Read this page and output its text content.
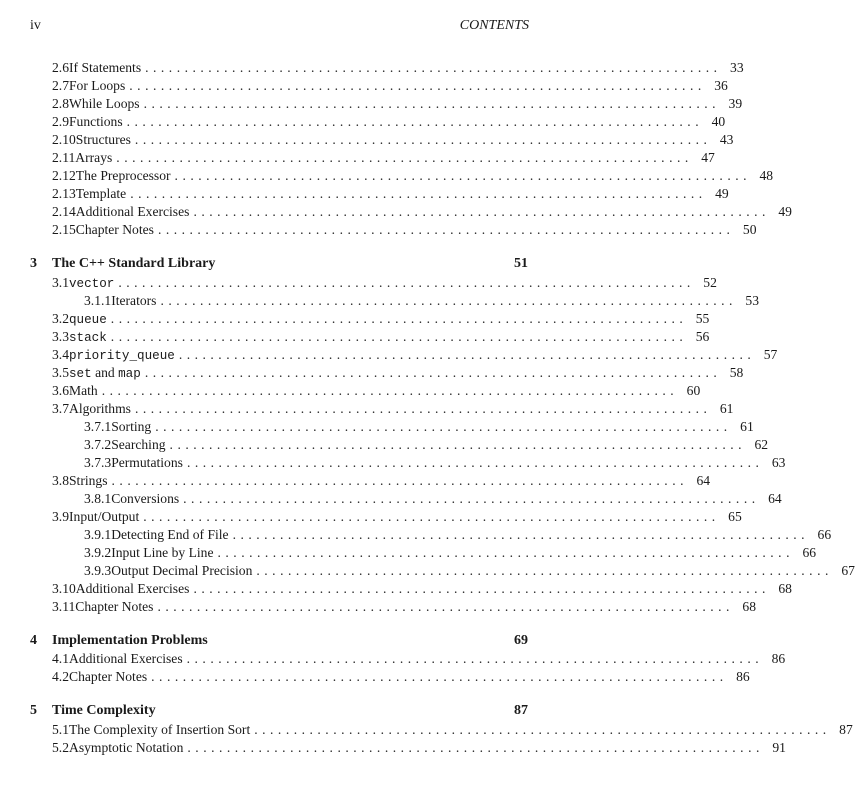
iv	CONTENTS
2.6 If Statements . . . . . . . . . . . . . . . . . . . . . . . . . . . . . . . . . . . . . . . . . . . . . . . . . . . . . . . . . . . . . . . . . . . . . . . . . 33
2.7 For Loops . . . . . . . . . . . . . . . . . . . . . . . . . . . . . . . . . . . . . . . . . . . . . . . . . . . . . . . . . . . . . . . . . . . . . . . . . 36
2.8 While Loops . . . . . . . . . . . . . . . . . . . . . . . . . . . . . . . . . . . . . . . . . . . . . . . . . . . . . . . . . . . . . . . . . . . . . . . . . 39
2.9 Functions . . . . . . . . . . . . . . . . . . . . . . . . . . . . . . . . . . . . . . . . . . . . . . . . . . . . . . . . . . . . . . . . . . . . . . . . . 40
2.10 Structures . . . . . . . . . . . . . . . . . . . . . . . . . . . . . . . . . . . . . . . . . . . . . . . . . . . . . . . . . . . . . . . . . . . . . . . . . 43
2.11 Arrays . . . . . . . . . . . . . . . . . . . . . . . . . . . . . . . . . . . . . . . . . . . . . . . . . . . . . . . . . . . . . . . . . . . . . . . . . 47
2.12 The Preprocessor . . . . . . . . . . . . . . . . . . . . . . . . . . . . . . . . . . . . . . . . . . . . . . . . . . . . . . . . . . . . . . . . . . . . . . . . . 48
2.13 Template . . . . . . . . . . . . . . . . . . . . . . . . . . . . . . . . . . . . . . . . . . . . . . . . . . . . . . . . . . . . . . . . . . . . . . . . . 49
2.14 Additional Exercises . . . . . . . . . . . . . . . . . . . . . . . . . . . . . . . . . . . . . . . . . . . . . . . . . . . . . . . . . . . . . . . . . . . . . . . . . 49
2.15 Chapter Notes . . . . . . . . . . . . . . . . . . . . . . . . . . . . . . . . . . . . . . . . . . . . . . . . . . . . . . . . . . . . . . . . . . . . . . . . . 50
3	The C++ Standard Library	51
3.1 vector . . . . . . . . . . . . . . . . . . . . . . . . . . . . . . . . . . . . . . . . . . . . . . . . . . . . . . . . . . . . . . . . . . . . . . . . . 52
3.1.1 Iterators . . . . . . . . . . . . . . . . . . . . . . . . . . . . . . . . . . . . . . . . . . . . . . . . . . . . . . . . . . . . . . . . . . . . . . . . . 53
3.2 queue . . . . . . . . . . . . . . . . . . . . . . . . . . . . . . . . . . . . . . . . . . . . . . . . . . . . . . . . . . . . . . . . . . . . . . . . . 55
3.3 stack . . . . . . . . . . . . . . . . . . . . . . . . . . . . . . . . . . . . . . . . . . . . . . . . . . . . . . . . . . . . . . . . . . . . . . . . . 56
3.4 priority_queue . . . . . . . . . . . . . . . . . . . . . . . . . . . . . . . . . . . . . . . . . . . . . . . . . . . . . . . . . . . . . . . . . . . . . . . . . 57
3.5 set and map . . . . . . . . . . . . . . . . . . . . . . . . . . . . . . . . . . . . . . . . . . . . . . . . . . . . . . . . . . . . . . . . . . . . . . . . . 58
3.6 Math . . . . . . . . . . . . . . . . . . . . . . . . . . . . . . . . . . . . . . . . . . . . . . . . . . . . . . . . . . . . . . . . . . . . . . . . . 60
3.7 Algorithms . . . . . . . . . . . . . . . . . . . . . . . . . . . . . . . . . . . . . . . . . . . . . . . . . . . . . . . . . . . . . . . . . . . . . . . . . 61
3.7.1 Sorting . . . . . . . . . . . . . . . . . . . . . . . . . . . . . . . . . . . . . . . . . . . . . . . . . . . . . . . . . . . . . . . . . . . . . . . . . 61
3.7.2 Searching . . . . . . . . . . . . . . . . . . . . . . . . . . . . . . . . . . . . . . . . . . . . . . . . . . . . . . . . . . . . . . . . . . . . . . . . . 62
3.7.3 Permutations . . . . . . . . . . . . . . . . . . . . . . . . . . . . . . . . . . . . . . . . . . . . . . . . . . . . . . . . . . . . . . . . . . . . . . . . . 63
3.8 Strings . . . . . . . . . . . . . . . . . . . . . . . . . . . . . . . . . . . . . . . . . . . . . . . . . . . . . . . . . . . . . . . . . . . . . . . . . 64
3.8.1 Conversions . . . . . . . . . . . . . . . . . . . . . . . . . . . . . . . . . . . . . . . . . . . . . . . . . . . . . . . . . . . . . . . . . . . . . . . . . 64
3.9 Input/Output . . . . . . . . . . . . . . . . . . . . . . . . . . . . . . . . . . . . . . . . . . . . . . . . . . . . . . . . . . . . . . . . . . . . . . . . . 65
3.9.1 Detecting End of File . . . . . . . . . . . . . . . . . . . . . . . . . . . . . . . . . . . . . . . . . . . . . . . . . . . . . . . . . . . . . . . . . . . . . . . . . 66
3.9.2 Input Line by Line . . . . . . . . . . . . . . . . . . . . . . . . . . . . . . . . . . . . . . . . . . . . . . . . . . . . . . . . . . . . . . . . . . . . . . . . . 66
3.9.3 Output Decimal Precision . . . . . . . . . . . . . . . . . . . . . . . . . . . . . . . . . . . . . . . . . . . . . . . . . . . . . . . . . . . . . . . . . . . . . . . . . 67
3.10 Additional Exercises . . . . . . . . . . . . . . . . . . . . . . . . . . . . . . . . . . . . . . . . . . . . . . . . . . . . . . . . . . . . . . . . . . . . . . . . . 68
3.11 Chapter Notes . . . . . . . . . . . . . . . . . . . . . . . . . . . . . . . . . . . . . . . . . . . . . . . . . . . . . . . . . . . . . . . . . . . . . . . . . 68
4	Implementation Problems	69
4.1 Additional Exercises . . . . . . . . . . . . . . . . . . . . . . . . . . . . . . . . . . . . . . . . . . . . . . . . . . . . . . . . . . . . . . . . . . . . . . . . . 86
4.2 Chapter Notes . . . . . . . . . . . . . . . . . . . . . . . . . . . . . . . . . . . . . . . . . . . . . . . . . . . . . . . . . . . . . . . . . . . . . . . . . 86
5	Time Complexity	87
5.1 The Complexity of Insertion Sort . . . . . . . . . . . . . . . . . . . . . . . . . . . . . . . . . . . . . . . . . . . . . . . . . . . . . . . . . . . . . . . . . . . . . . . . . 87
5.2 Asymptotic Notation . . . . . . . . . . . . . . . . . . . . . . . . . . . . . . . . . . . . . . . . . . . . . . . . . . . . . . . . . . . . . . . . . . . . . . . . . 91
